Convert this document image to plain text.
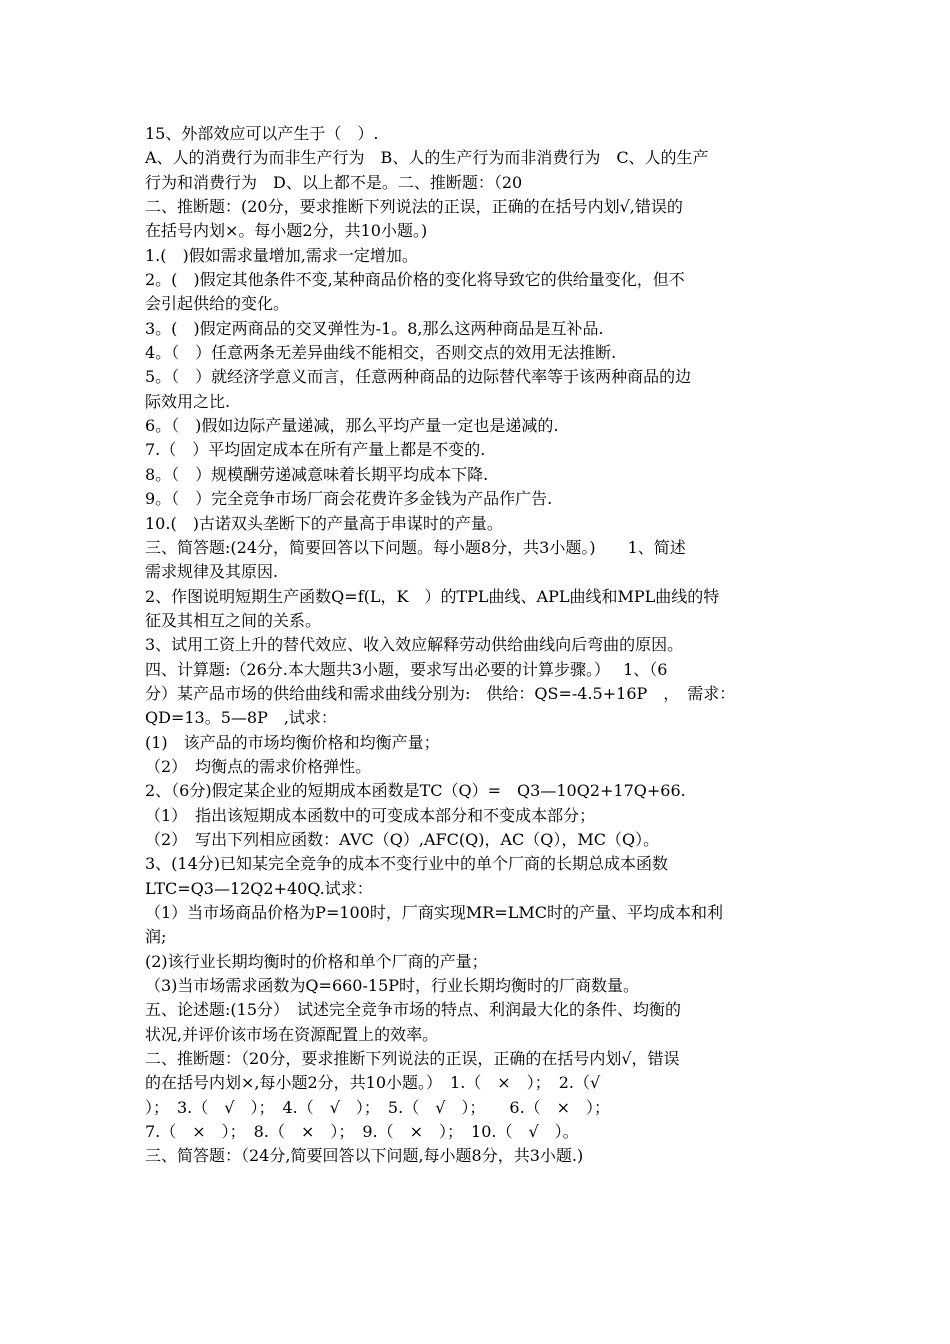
15、外部效应可以产生于（　）.
A、人的消费行为而非生产行为　B、人的生产行为而非消费行为　C、人的生产
行为和消费行为　D、以上都不是。二、推断题：（20
二、推断题：(20分，要求推断下列说法的正误，正确的在括号内划√,错误的
在括号内划×。每小题2分，共10小题。)
1.(　)假如需求量增加,需求一定增加。
2。(　)假定其他条件不变,某种商品价格的变化将导致它的供给量变化，但不
会引起供给的变化。
3。(　)假定两商品的交叉弹性为-1。8,那么这两种商品是互补品.
4。（　）任意两条无差异曲线不能相交，否则交点的效用无法推断.
5。（　）就经济学意义而言，任意两种商品的边际替代率等于该两种商品的边
际效用之比.
6。（　)假如边际产量递减，那么平均产量一定也是递减的.
7.（　）平均固定成本在所有产量上都是不变的.
8。（　）规模酬劳递减意味着长期平均成本下降.
9。（　）完全竞争市场厂商会花费许多金钱为产品作广告.
10.(　)古诺双头垄断下的产量高于串谋时的产量。
三、简答题:(24分，简要回答以下问题。每小题8分，共3小题。)　　1、简述
需求规律及其原因.
2、作图说明短期生产函数Q=f(L，K　）的TPL曲线、APL曲线和MPL曲线的特
征及其相互之间的关系。
3、试用工资上升的替代效应、收入效应解释劳动供给曲线向后弯曲的原因。
四、计算题:（26分.本大题共3小题，要求写出必要的计算步骤。）　 1、（6
分）某产品市场的供给曲线和需求曲线分别为:　供给：QS=-4.5+16P　，　需求：
QD=13。5—8P　,试求：
(1)　该产品的市场均衡价格和均衡产量；
（2）　均衡点的需求价格弹性。
2、（6分)假定某企业的短期成本函数是TC（Q）=　Q3—10Q2+17Q+66.
（1）　指出该短期成本函数中的可变成本部分和不变成本部分；
（2）　写出下列相应函数：AVC（Q）,AFC(Q)，AC（Q），MC（Q）。
3、(14分)已知某完全竞争的成本不变行业中的单个厂商的长期总成本函数
LTC=Q3—12Q2+40Q.试求：
（1）当市场商品价格为P=100时，厂商实现MR=LMC时的产量、平均成本和利
润;
(2)该行业长期均衡时的价格和单个厂商的产量；
（3)当市场需求函数为Q=660-15P时，行业长期均衡时的厂商数量。
五、论述题:(15分）　试述完全竞争市场的特点、利润最大化的条件、均衡的
状况,并评价该市场在资源配置上的效率。
二、推断题：（20分，要求推断下列说法的正误，正确的在括号内划√，错误
的在括号内划×,每小题2分，共10小题。）　1.（　×　）；　2.（√
）；　3.（　√　）；　4.（　√　）；　5.（　√　）；　　6.（　×　）；
7.（　×　）；　8.（　×　）；　9.（　×　）；　10.（　√　）。
三、简答题：（24分,简要回答以下问题,每小题8分，共3小题.)
